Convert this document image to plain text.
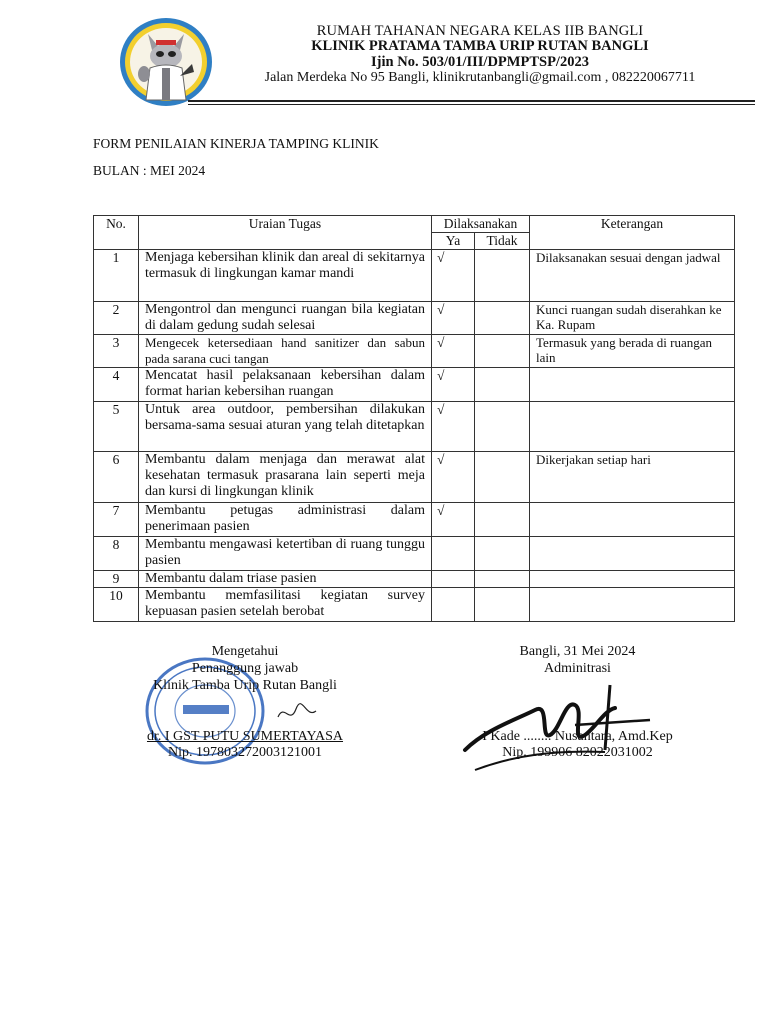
RUMAH TAHANAN NEGARA KELAS IIB BANGLI
KLINIK PRATAMA TAMBA URIP RUTAN BANGLI
Ijin No. 503/01/III/DPMPTSP/2023
Jalan Merdeka No 95 Bangli, klinikrutanbangli@gmail.com , 082220067711
FORM PENILAIAN KINERJA TAMPING KLINIK
BULAN : MEI 2024
No.	Uraian Tugas	Dilaksanakan		Keterangan
		Ya	Tidak	
1	Menjaga kebersihan klinik dan areal di sekitarnya termasuk di lingkungan kamar mandi	√		Dilaksanakan sesuai dengan jadwal
2	Mengontrol dan mengunci ruangan bila kegiatan di dalam gedung sudah selesai	√		Kunci ruangan sudah diserahkan ke Ka. Rupam
3	Mengecek ketersediaan hand sanitizer dan sabun pada sarana cuci tangan	√		Termasuk yang berada di ruangan lain
4	Mencatat hasil pelaksanaan kebersihan dalam format harian kebersihan ruangan	√		
5	Untuk area outdoor, pembersihan dilakukan bersama-sama sesuai aturan yang telah ditetapkan	√		
6	Membantu dalam menjaga dan merawat alat kesehatan termasuk prasarana lain seperti meja dan kursi di lingkungan klinik	√		Dikerjakan setiap hari
7	Membantu petugas administrasi dalam penerimaan pasien	√		
8	Membantu mengawasi ketertiban di ruang tunggu pasien			
9	Membantu dalam triase pasien			
10	Membantu memfasilitasi kegiatan survey kepuasan pasien setelah berobat			
Mengetahui
Penanggung jawab
Klinik Tamba Urip Rutan Bangli
dr. I GST PUTU SUMERTAYASA
Nip. 197803272003121001
Bangli, 31 Mei 2024
Adminitrasi
I Kade ........ Nusantara, Amd.Kep
Nip. 199906 82022031002
